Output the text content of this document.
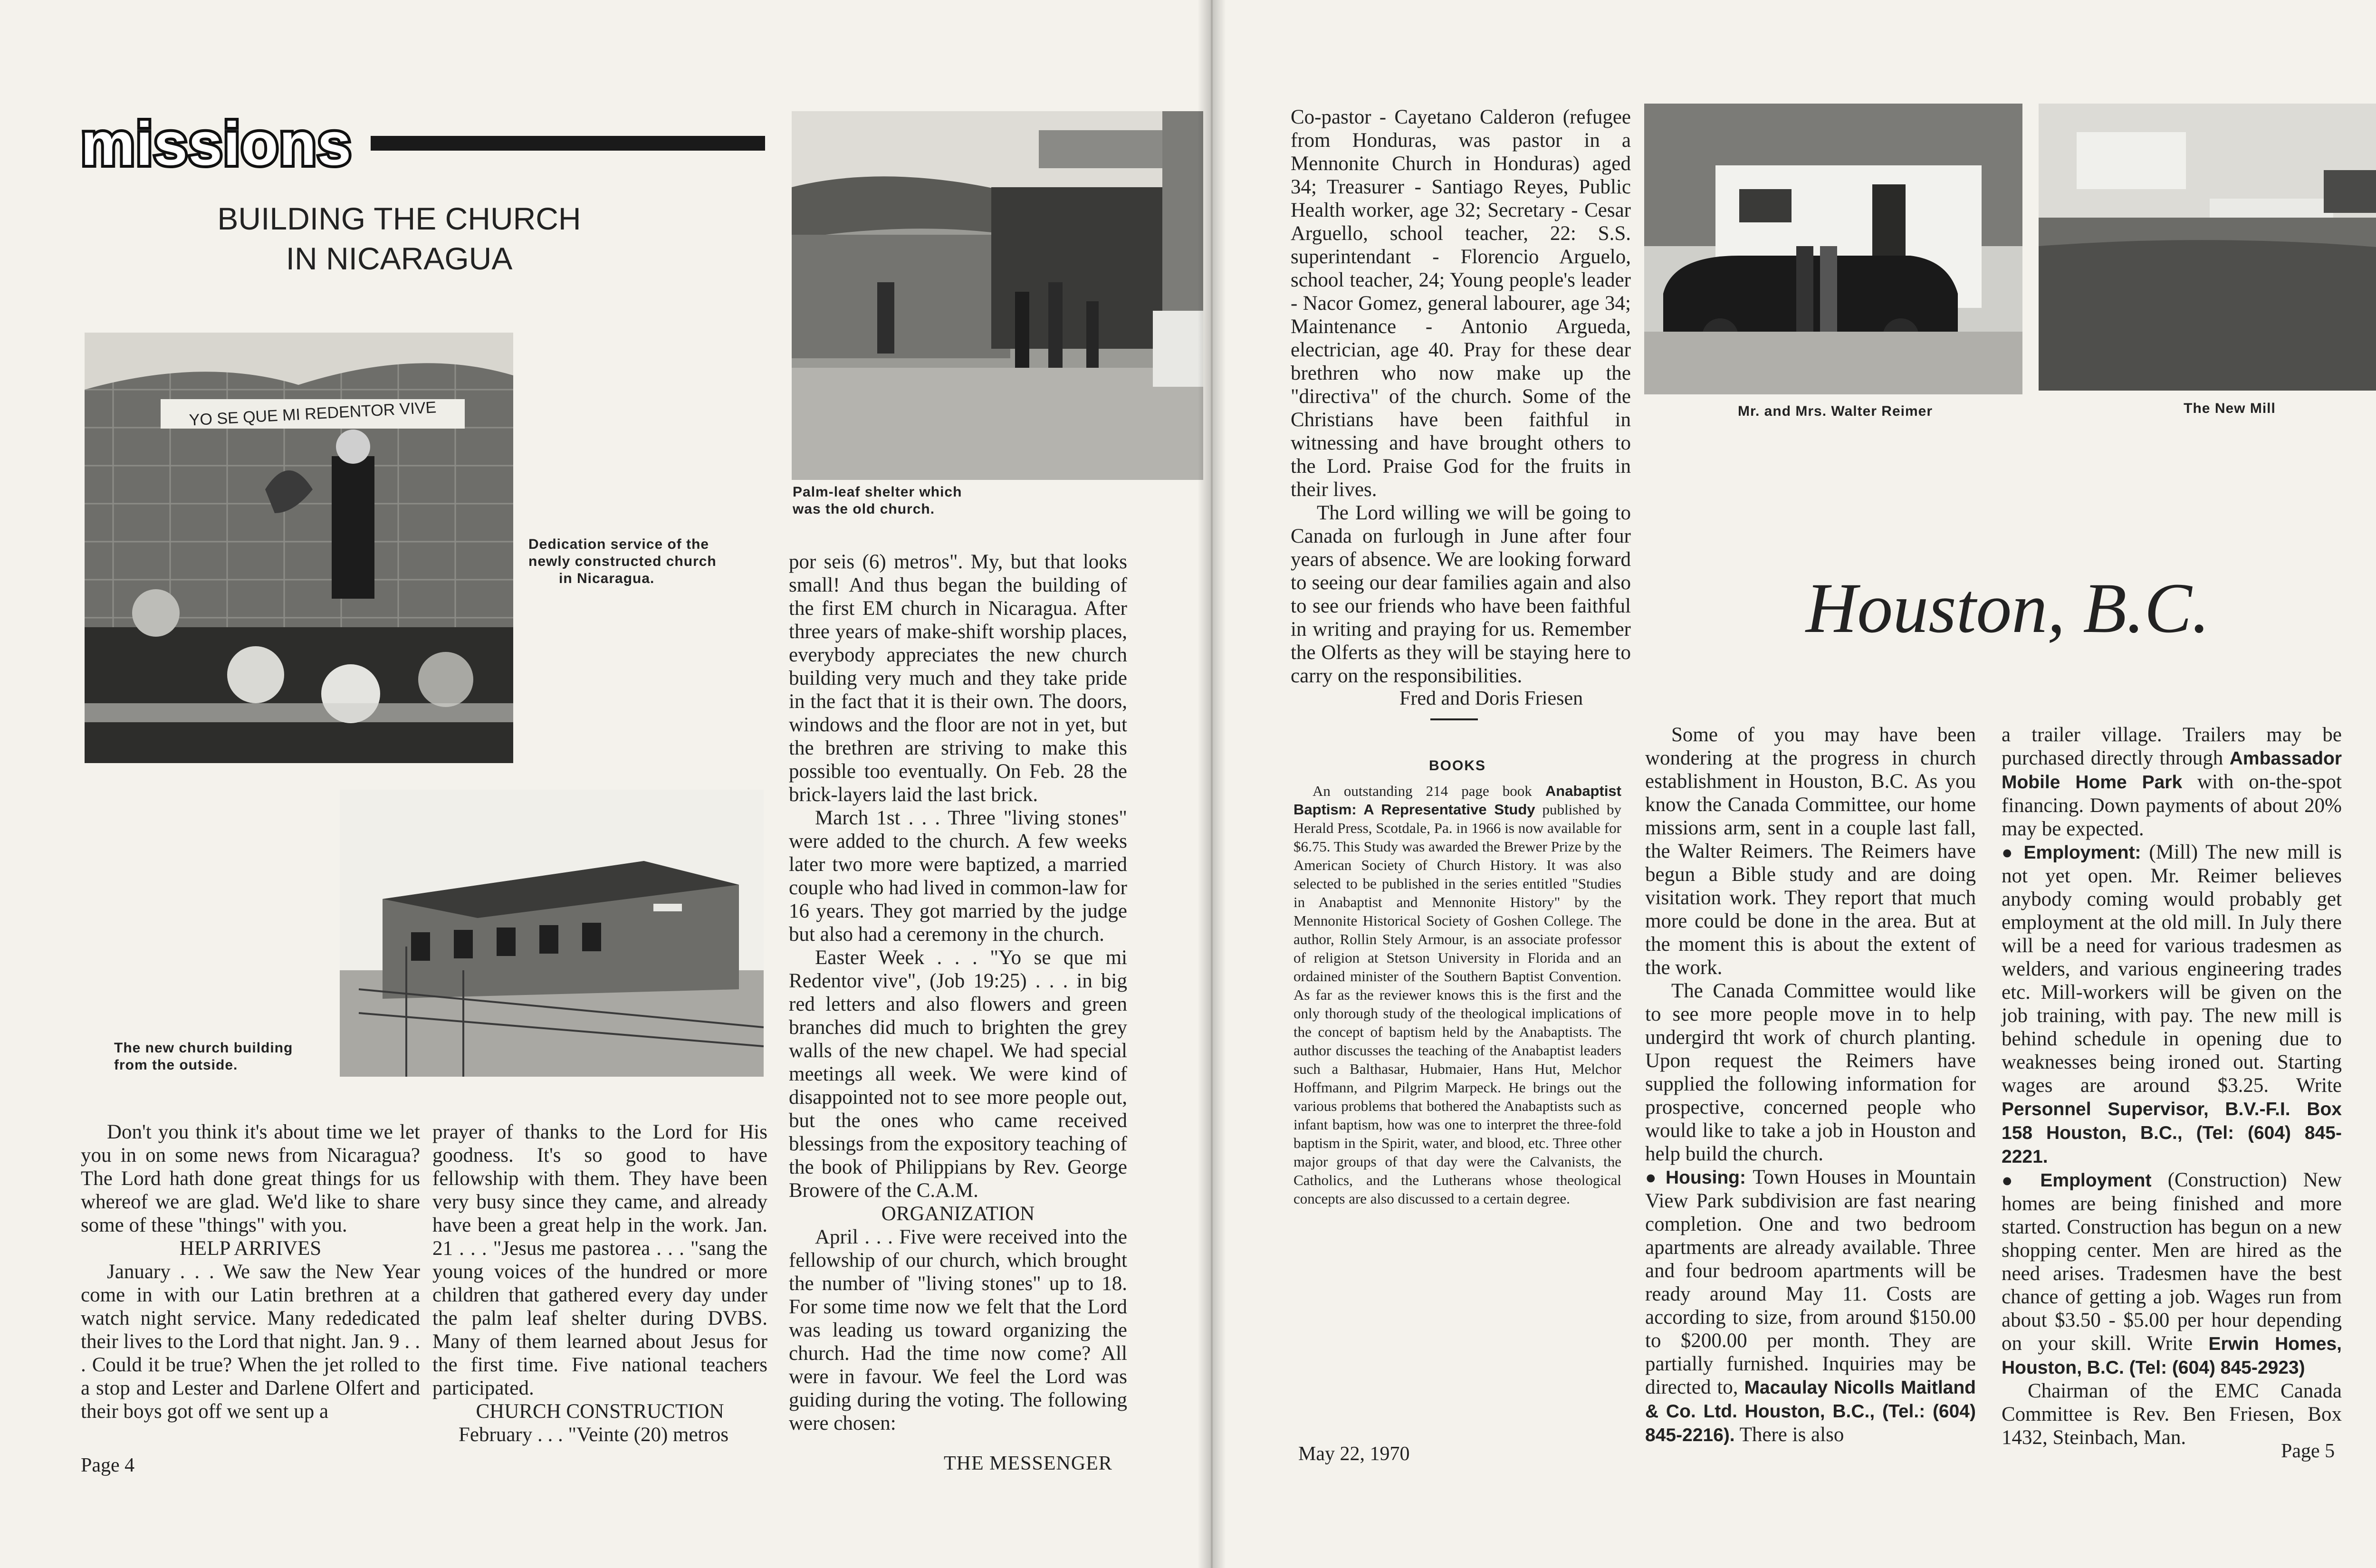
missions
BUILDING THE CHURCH
IN NICARAGUA
YO SE QUE MI REDENTOR VIVE
Dedication service of the
newly constructed church
in Nicaragua.
Palm-leaf shelter which
was the old church.
The new church building
from the outside.

Don't you think it's about time we let you in on some news from Nicaragua? The Lord hath done great things for us whereof we are glad. We'd like to share some of these "things" with you.

HELP ARRIVES

January . . . We saw the New Year come in with our Latin brethren at a watch night service. Many rededicated their lives to the Lord that night. Jan. 9 . . . Could it be true? When the jet rolled to a stop and Lester and Darlene Olfert and their boys got off we sent up a

prayer of thanks to the Lord for His goodness. It's so good to have fellowship with them. They have been very busy since they came, and already have been a great help in the work. Jan. 21 . . . "Jesus me pastorea . . . "sang the young voices of the hundred or more children that gathered every day under the palm leaf shelter during DVBS. Many of them learned about Jesus for the first time. Five national teachers participated.

CHURCH CONSTRUCTION

February . . . "Veinte (20) metros

por seis (6) metros". My, but that looks small! And thus began the building of the first EM church in Nicaragua. After three years of make-shift worship places, everybody appreciates the new church building very much and they take pride in the fact that it is their own. The doors, windows and the floor are not in yet, but the brethren are striving to make this possible too eventually. On Feb. 28 the brick-layers laid the last brick.

March 1st . . . Three "living stones" were added to the church. A few weeks later two more were baptized, a married couple who had lived in common-law for 16 years. They got married by the judge but also had a ceremony in the church.

Easter Week . . . "Yo se que mi Redentor vive", (Job 19:25) . . . in big red letters and also flowers and green branches did much to brighten the grey walls of the new chapel. We had special meetings all week. We were kind of disappointed not to see more people out, but the ones who came received blessings from the expository teaching of the book of Philippians by Rev. George Browere of the C.A.M.

ORGANIZATION

April . . . Five were received into the fellowship of our church, which brought the number of "living stones" up to 18. For some time now we felt that the Lord was leading us toward organizing the church. Had the time now come? All were in favour. We feel the Lord was guiding during the voting. The following were chosen:

Page 4	THE MESSENGER

Co-pastor - Cayetano Calderon (refugee from Honduras, was pastor in a Mennonite Church in Honduras) aged 34; Treasurer - Santiago Reyes, Public Health worker, age 32; Secretary - Cesar Arguello, school teacher, 22: S.S. superintendant - Florencio Arguelo, school teacher, 24; Young people's leader - Nacor Gomez, general labourer, age 34; Maintenance - Antonio Argueda, electrician, age 40. Pray for these dear brethren who now make up the "directiva" of the church. Some of the Christians have been faithful in witnessing and have brought others to the Lord. Praise God for the fruits in their lives.

The Lord willing we will be going to Canada on furlough in June after four years of absence. We are looking forward to seeing our dear families again and also to see our friends who have been faithful in writing and praying for us. Remember the Olferts as they will be staying here to carry on the responsibilities.

Fred and Doris Friesen
BOOKS

An outstanding 214 page book Anabaptist Baptism: A Representative Study published by Herald Press, Scotdale, Pa. in 1966 is now available for $6.75. This Study was awarded the Brewer Prize by the American Society of Church History. It was also selected to be published in the series entitled "Studies in Anabaptist and Mennonite History" by the Mennonite Historical Society of Goshen College. The author, Rollin Stely Armour, is an associate professor of religion at Stetson University in Florida and an ordained minister of the Southern Baptist Convention. As far as the reviewer knows this is the first and the only thorough study of the theological implications of the concept of baptism held by the Anabaptists. The author discusses the teaching of the Anabaptist leaders such a Balthasar, Hubmaier, Hans Hut, Melchor Hoffmann, and Pilgrim Marpeck. He brings out the various problems that bothered the Anabaptists such as infant baptism, how was one to interpret the three-fold baptism in the Spirit, water, and blood, etc. Three other major groups of that day were the Calvanists, the Catholics, and the Lutherans whose theological concepts are also discussed to a certain degree.

Mr. and Mrs. Walter Reimer	The New Mill
Houston, B.C.

Some of you may have been wondering at the progress in church establishment in Houston, B.C. As you know the Canada Committee, our home missions arm, sent in a couple last fall, the Walter Reimers. The Reimers have begun a Bible study and are doing visitation work. They report that much more could be done in the area. But at the moment this is about the extent of the work.

The Canada Committee would like to see more people move in to help undergird tht work of church planting. Upon request the Reimers have supplied the following information for prospective, concerned people who would like to take a job in Houston and help build the church.

● Housing: Town Houses in Mountain View Park subdivision are fast nearing completion. One and two bedroom apartments are already available. Three and four bedroom apartments will be ready around May 11. Costs are according to size, from around $150.00 to $200.00 per month. They are partially furnished. Inquiries may be directed to, Macaulay Nicolls Maitland & Co. Ltd. Houston, B.C., (Tel.: (604) 845-2216). There is also

a trailer village. Trailers may be purchased directly through Ambassador Mobile Home Park with on-the-spot financing. Down payments of about 20% may be expected.

● Employment: (Mill) The new mill is not yet open. Mr. Reimer believes anybody coming would probably get employment at the old mill. In July there will be a need for various tradesmen as welders, and various engineering trades etc. Mill-workers will be given on the job training, with pay. The new mill is behind schedule in opening due to weaknesses being ironed out. Starting wages are around $3.25. Write Personnel Supervisor, B.V.-F.I. Box 158 Houston, B.C., (Tel: (604) 845-2221.

● Employment (Construction) New homes are being finished and more started. Construction has begun on a new shopping center. Men are hired as the need arises. Tradesmen have the best chance of getting a job. Wages run from about $3.50 - $5.00 per hour depending on your skill. Write Erwin Homes, Houston, B.C. (Tel: (604) 845-2923)

Chairman of the EMC Canada Committee is Rev. Ben Friesen, Box 1432, Steinbach, Man.

May 22, 1970	Page 5
